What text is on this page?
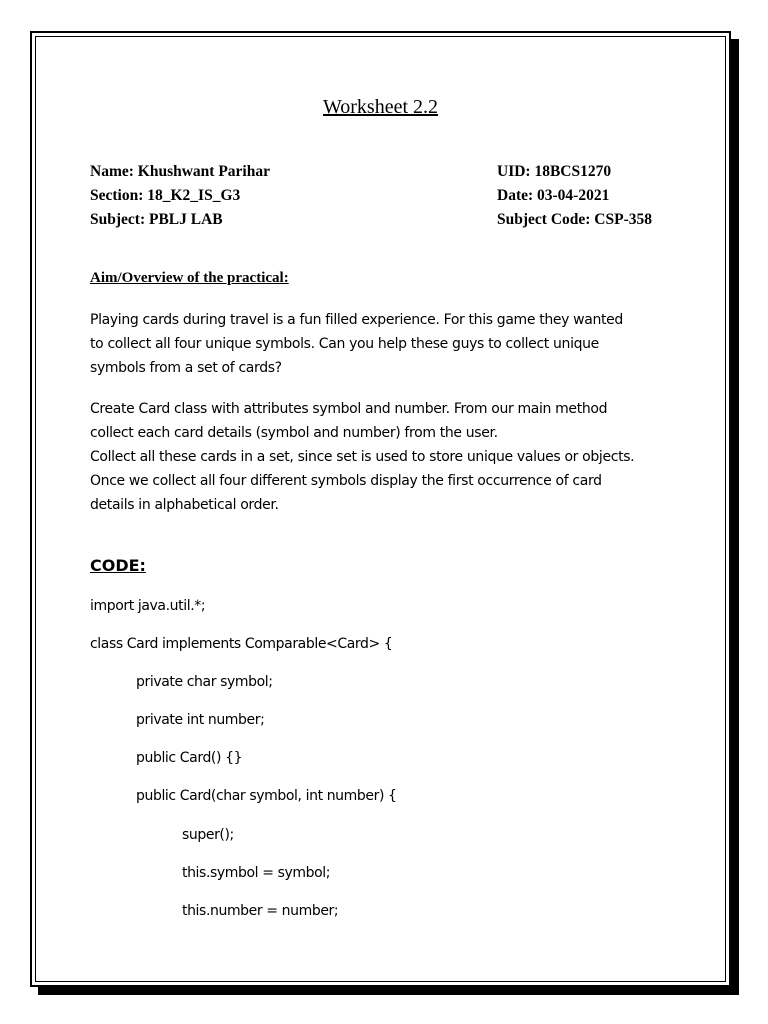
Worksheet 2.2
Name: Khushwant Parihar
Section: 18_K2_IS_G3
Subject: PBLJ LAB
UID: 18BCS1270
Date: 03-04-2021
Subject Code: CSP-358
Aim/Overview of the practical:
Playing cards during travel is a fun filled experience. For this game they wanted
to collect all four unique symbols. Can you help these guys to collect unique
symbols from a set of cards?
Create Card class with attributes symbol and number. From our main method
collect each card details (symbol and number) from the user.
Collect all these cards in a set, since set is used to store unique values or objects.
Once we collect all four different symbols display the first occurrence of card
details in alphabetical order.
CODE:
import java.util.*;
class Card implements Comparable<Card> {
private char symbol;
private int number;
public Card() {}
public Card(char symbol, int number) {
super();
this.symbol = symbol;
this.number = number;
